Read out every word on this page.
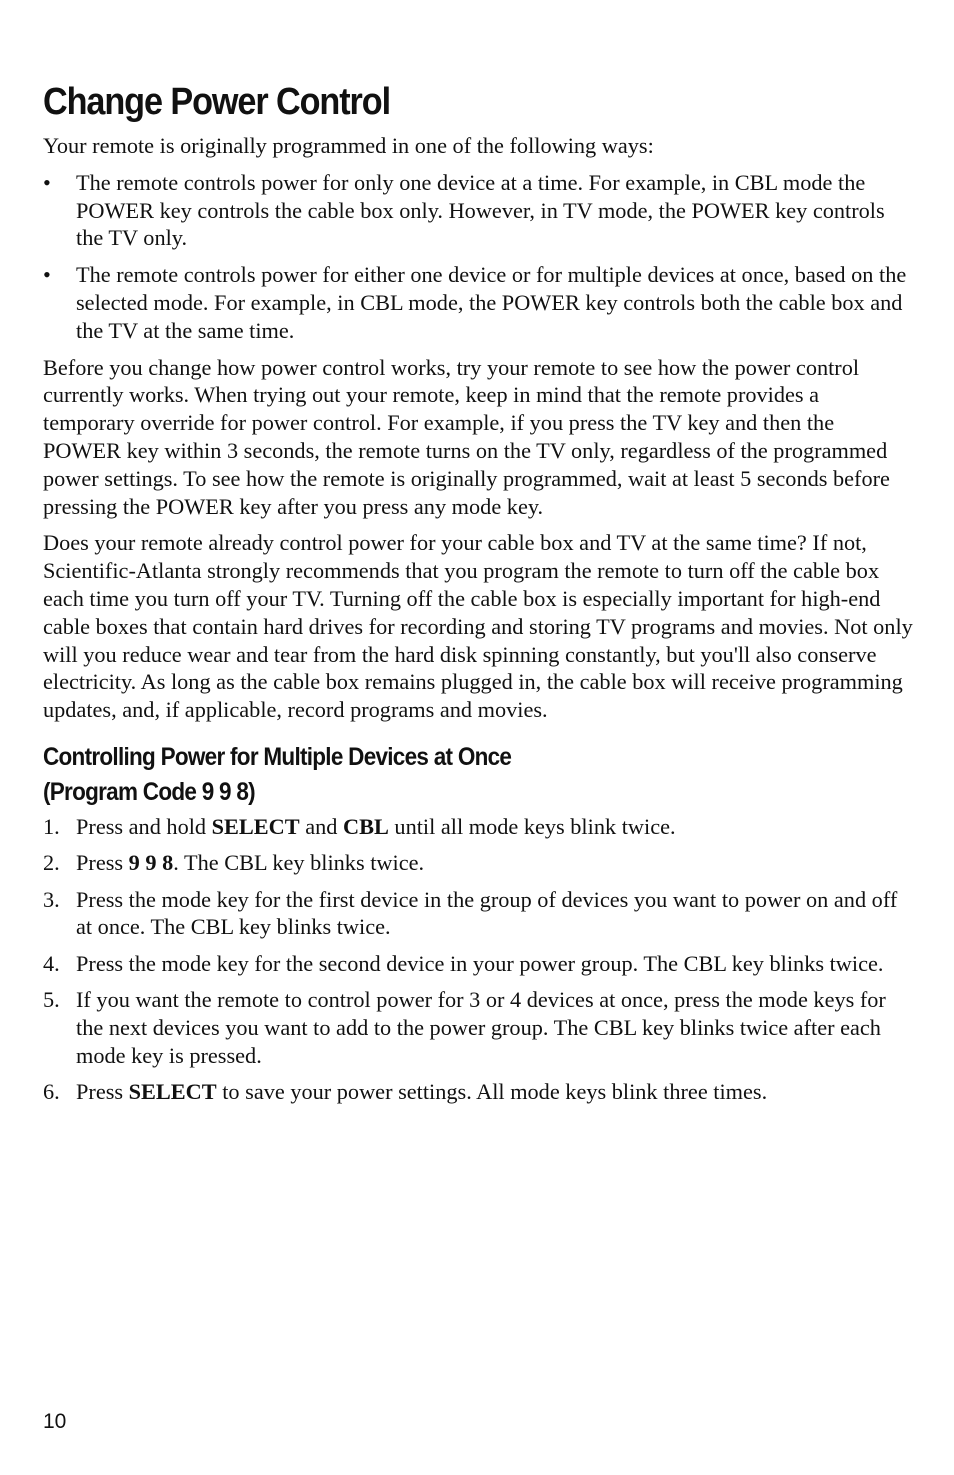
Change Power Control

Your remote is originally programmed in one of the following ways:

• The remote controls power for only one device at a time. For example, in CBL mode the POWER key controls the cable box only. However, in TV mode, the POWER key controls the TV only.
• The remote controls power for either one device or for multiple devices at once, based on the selected mode. For example, in CBL mode, the POWER key controls both the cable box and the TV at the same time.

Before you change how power control works, try your remote to see how the power control currently works. When trying out your remote, keep in mind that the remote provides a temporary override for power control. For example, if you press the TV key and then the POWER key within 3 seconds, the remote turns on the TV only, regardless of the programmed power settings. To see how the remote is originally programmed, wait at least 5 seconds before pressing the POWER key after you press any mode key.

Does your remote already control power for your cable box and TV at the same time? If not, Scientific-Atlanta strongly recommends that you program the remote to turn off the cable box each time you turn off your TV. Turning off the cable box is especially important for high-end cable boxes that contain hard drives for recording and storing TV programs and movies. Not only will you reduce wear and tear from the hard disk spinning constantly, but you'll also conserve electricity. As long as the cable box remains plugged in, the cable box will receive programming updates, and, if applicable, record programs and movies.

Controlling Power for Multiple Devices at Once
(Program Code 9 9 8)
1. Press and hold SELECT and CBL until all mode keys blink twice.
2. Press 9 9 8. The CBL key blinks twice.
3. Press the mode key for the first device in the group of devices you want to power on and off at once. The CBL key blinks twice.
4. Press the mode key for the second device in your power group. The CBL key blinks twice.
5. If you want the remote to control power for 3 or 4 devices at once, press the mode keys for the next devices you want to add to the power group. The CBL key blinks twice after each mode key is pressed.
6. Press SELECT to save your power settings. All mode keys blink three times.
10
